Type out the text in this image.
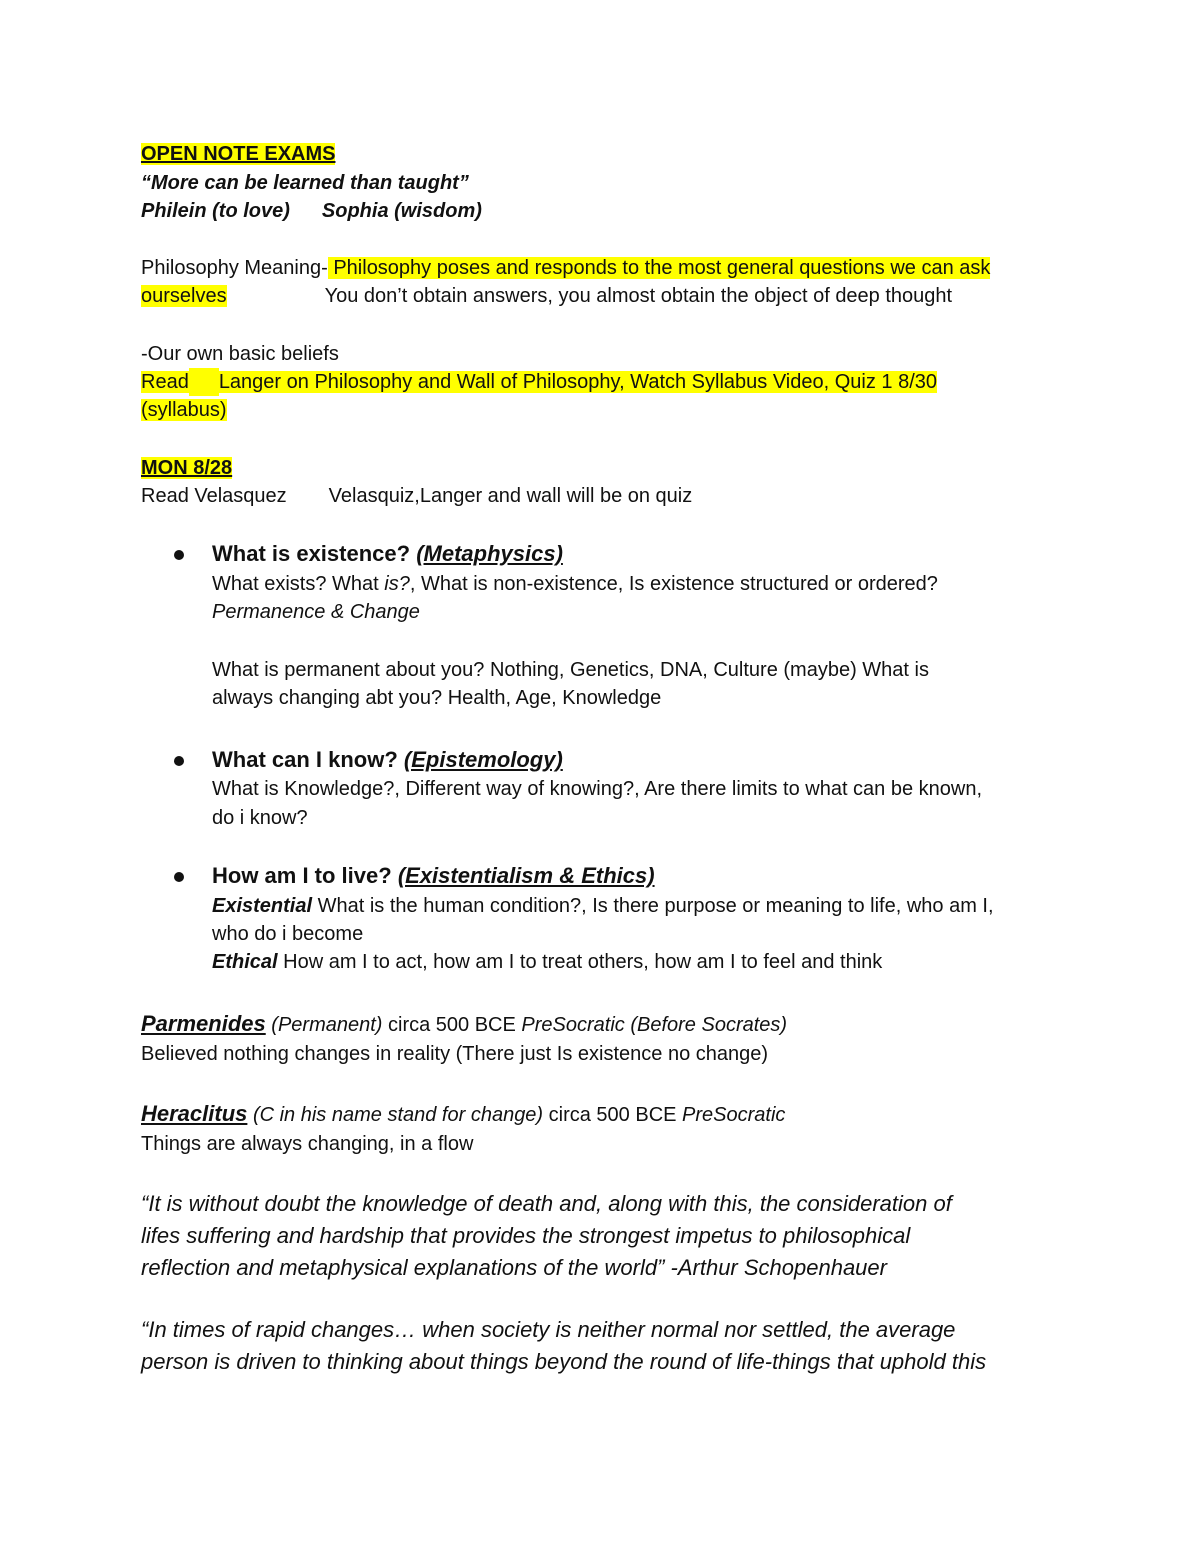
OPEN NOTE EXAMS
“More can be learned than taught”
Philein (to love) Sophia (wisdom)
Philosophy Meaning- Philosophy poses and responds to the most general questions we can ask
ourselves	You don’t obtain answers, you almost obtain the object of deep thought
-Our own basic beliefs
Read Langer on Philosophy and Wall of Philosophy, Watch Syllabus Video, Quiz 1 8/30
(syllabus)
MON 8/28
Read Velasquez Velasquiz,Langer and wall will be on quiz
What is existence? (Metaphysics)
What exists? What is?, What is non-existence, Is existence structured or ordered?
Permanence & Change
What is permanent about you? Nothing, Genetics, DNA, Culture (maybe) What is
always changing abt you? Health, Age, Knowledge
What can I know? (Epistemology)
What is Knowledge?, Different way of knowing?, Are there limits to what can be known,
do i know?
How am I to live? (Existentialism & Ethics)
Existential What is the human condition?, Is there purpose or meaning to life, who am I,
who do i become
Ethical How am I to act, how am I to treat others, how am I to feel and think
Parmenides (Permanent) circa 500 BCE PreSocratic (Before Socrates)
Believed nothing changes in reality (There just Is existence no change)
Heraclitus (C in his name stand for change) circa 500 BCE PreSocratic
Things are always changing, in a flow
“It is without doubt the knowledge of death and, along with this, the consideration of
lifes suffering and hardship that provides the strongest impetus to philosophical
reflection and metaphysical explanations of the world” -Arthur Schopenhauer
“In times of rapid changes… when society is neither normal nor settled, the average
person is driven to thinking about things beyond the round of life-things that uphold this
